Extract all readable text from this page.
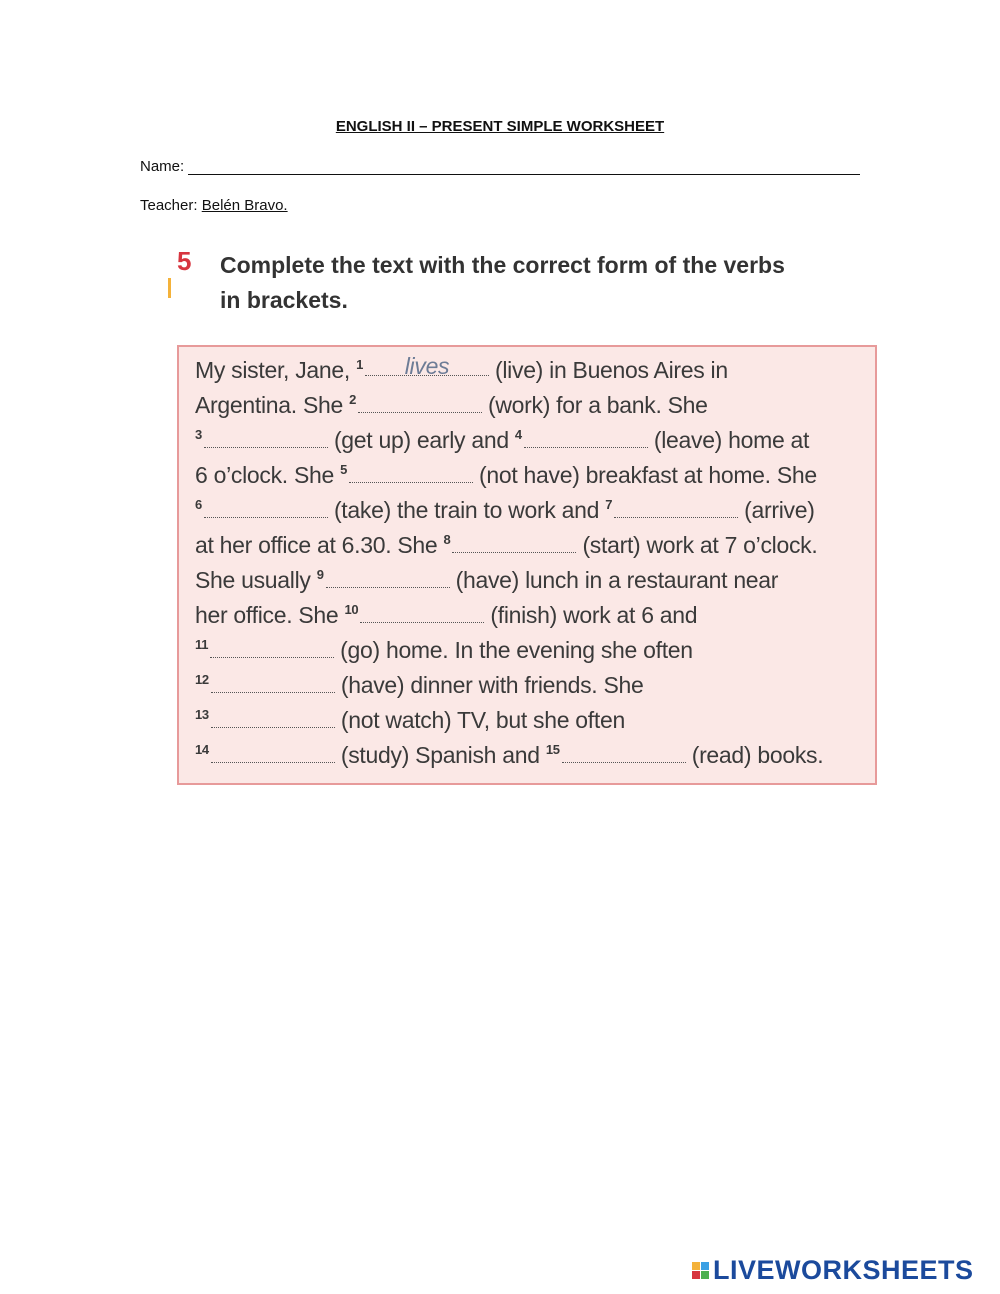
ENGLISH II – PRESENT SIMPLE WORKSHEET
Name:
Teacher: Belén Bravo.
5 Complete the text with the correct form of the verbs
in brackets.
My sister, Jane, $^1$ lives (live) in Buenos Aires in
Argentina. She $^2$	(work) for a bank. She
$^3$	(get up) early and $^4$	(leave) home at
6 o’clock. She $^5$	(not have) breakfast at home. She
$^6$	(take) the train to work and $^7$	(arrive)
at her office at 6.30. She $^8$	(start) work at 7 o’clock.
She usually $^9$	(have) lunch in a restaurant near
her office. She $^{10}$	(finish) work at 6 and
$^{11}$	(go) home. In the evening she often
$^{12}$	(have) dinner with friends. She
$^{13}$	(not watch) TV, but she often
$^{14}$	(study) Spanish and $^{15}$	(read) books.
LIVEWORKSHEETS
